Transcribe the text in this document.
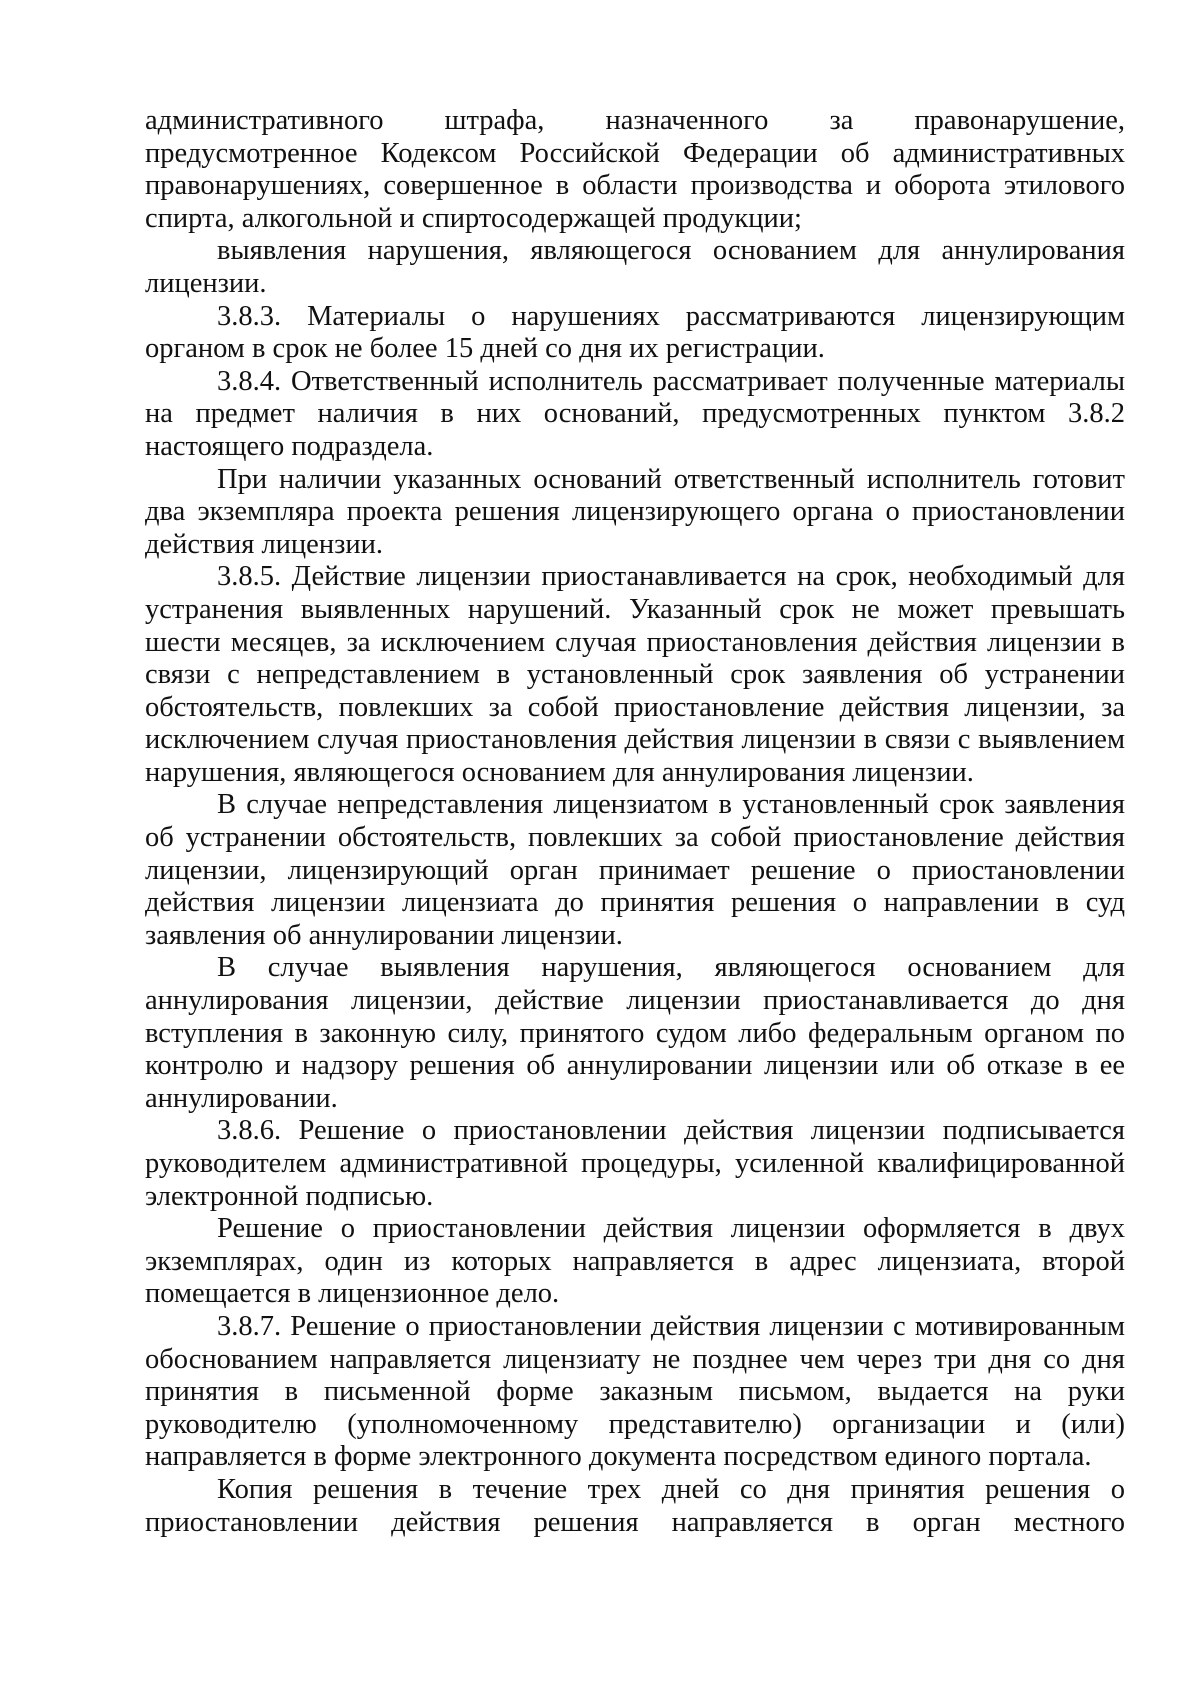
административного штрафа, назначенного за правонарушение, предусмотренное Кодексом Российской Федерации об административных правонарушениях, совершенное в области производства и оборота этилового спирта, алкогольной и спиртосодержащей продукции;

выявления нарушения, являющегося основанием для аннулирования лицензии.

3.8.3. Материалы о нарушениях рассматриваются лицензирующим органом в срок не более 15 дней со дня их регистрации.

3.8.4. Ответственный исполнитель рассматривает полученные материалы на предмет наличия в них оснований, предусмотренных пунктом 3.8.2 настоящего подраздела.

При наличии указанных оснований ответственный исполнитель готовит два экземпляра проекта решения лицензирующего органа о приостановлении действия лицензии.

3.8.5. Действие лицензии приостанавливается на срок, необходимый для устранения выявленных нарушений. Указанный срок не может превышать шести месяцев, за исключением случая приостановления действия лицензии в связи с непредставлением в установленный срок заявления об устранении обстоятельств, повлекших за собой приостановление действия лицензии, за исключением случая приостановления действия лицензии в связи с выявлением нарушения, являющегося основанием для аннулирования лицензии.

В случае непредставления лицензиатом в установленный срок заявления об устранении обстоятельств, повлекших за собой приостановление действия лицензии, лицензирующий орган принимает решение о приостановлении действия лицензии лицензиата до принятия решения о направлении в суд заявления об аннулировании лицензии.

В случае выявления нарушения, являющегося основанием для аннулирования лицензии, действие лицензии приостанавливается до дня вступления в законную силу, принятого судом либо федеральным органом по контролю и надзору решения об аннулировании лицензии или об отказе в ее аннулировании.

3.8.6. Решение о приостановлении действия лицензии подписывается руководителем административной процедуры, усиленной квалифицированной электронной подписью.

Решение о приостановлении действия лицензии оформляется в двух экземплярах, один из которых направляется в адрес лицензиата, второй помещается в лицензионное дело.

3.8.7. Решение о приостановлении действия лицензии с мотивированным обоснованием направляется лицензиату не позднее чем через три дня со дня принятия в письменной форме заказным письмом, выдается на руки руководителю (уполномоченному представителю) организации и (или) направляется в форме электронного документа посредством единого портала.

Копия решения в течение трех дней со дня принятия решения о приостановлении действия решения направляется в орган местного
